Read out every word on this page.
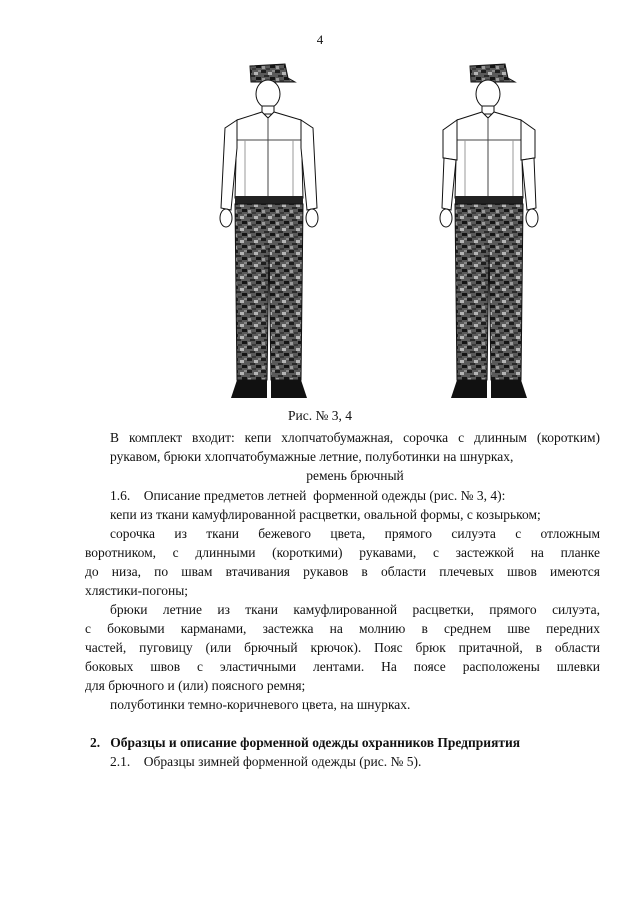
4
Рис. № 3, 4
В комплект входит: кепи хлопчатобумажная, сорочка с длинным (коротким)
рукавом, брюки хлопчатобумажные летние, полуботинки на шнурках,
ремень брючный
1.6.    Описание предметов летней  форменной одежды (рис. № 3, 4):
кепи из ткани камуфлированной расцветки, овальной формы, с козырьком;
сорочка из ткани бежевого цвета, прямого силуэта с отложным
воротником, с длинными (короткими) рукавами, с застежкой на планке
до низа, по швам втачивания рукавов в области плечевых швов имеются
хлястики-погоны;
брюки летние из ткани камуфлированной расцветки, прямого силуэта,
с боковыми карманами, застежка на молнию в среднем шве передних
частей, пуговицу (или брючный крючок). Пояс брюк притачной, в области
боковых швов с эластичными лентами. На поясе расположены шлевки
для брючного и (или) поясного ремня;
полуботинки темно-коричневого цвета, на шнурках.
2.   Образцы и описание форменной одежды охранников Предприятия
2.1.    Образцы зимней форменной одежды (рис. № 5).
